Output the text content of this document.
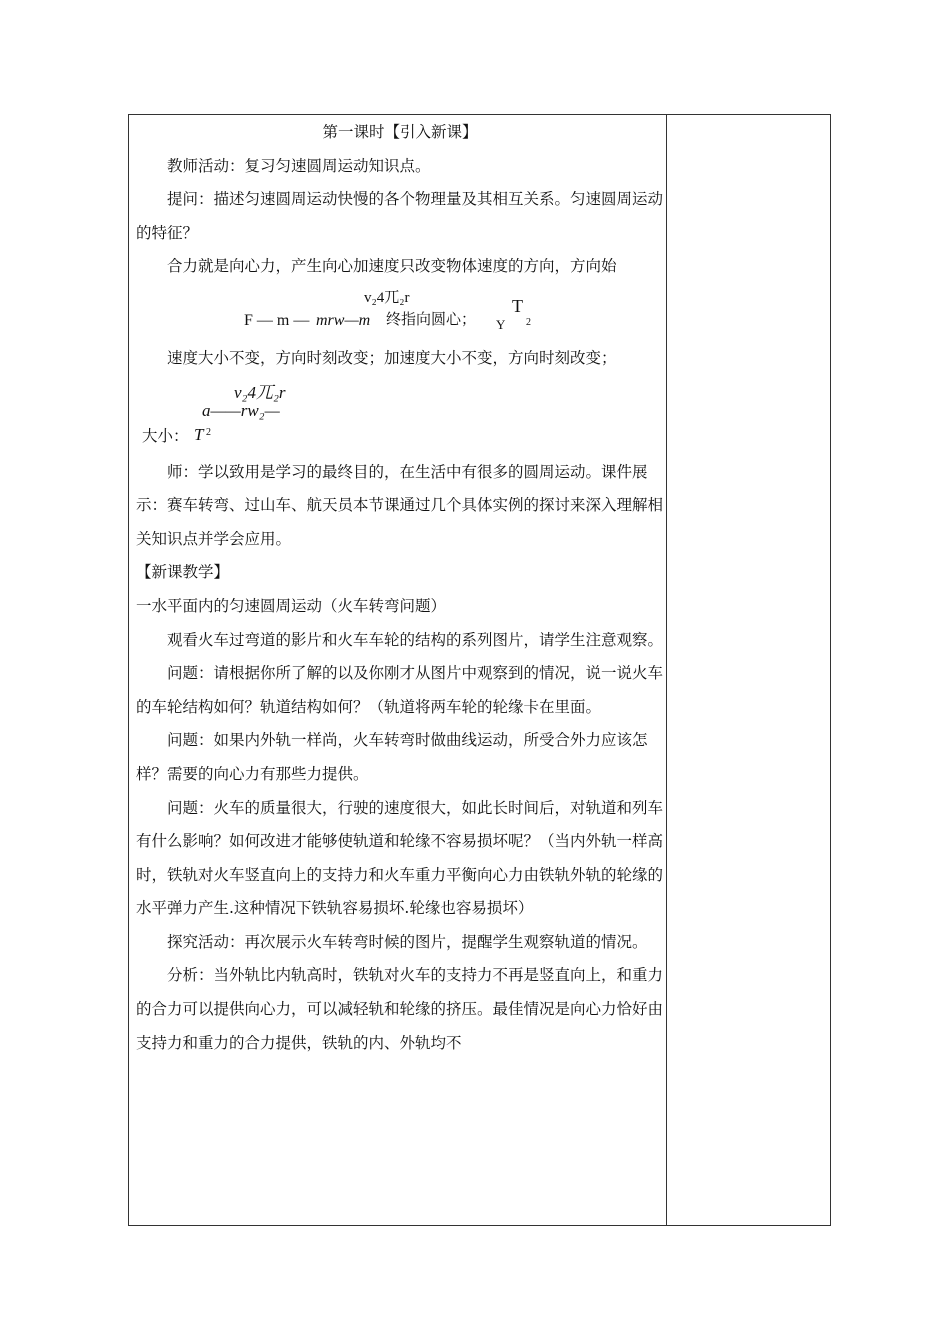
第一课时【引入新课】

教师活动：复习匀速圆周运动知识点。

提问：描述匀速圆周运动快慢的各个物理量及其相互关系。匀速圆周运动的特征？

合力就是向心力，产生向心加速度只改变物体速度的方向，方向始

v₂4兀₂r
F — m — mrw—m 终指向圆心； Y
T
2

速度大小不变，方向时刻改变；加速度大小不变，方向时刻改变；

v₂4兀₂r
a——rw₂—
大小： T 2

师：学以致用是学习的最终目的，在生活中有很多的圆周运动。课件展示：赛车转弯、过山车、航天员本节课通过几个具体实例的探讨来深入理解相关知识点并学会应用。

【新课教学】

一水平面内的匀速圆周运动（火车转弯问题）

观看火车过弯道的影片和火车车轮的结构的系列图片，请学生注意观察。

问题：请根据你所了解的以及你刚才从图片中观察到的情况，说一说火车的车轮结构如何？轨道结构如何？（轨道将两车轮的轮缘卡在里面。

问题：如果内外轨一样尚，火车转弯时做曲线运动，所受合外力应该怎样？需要的向心力有那些力提供。

问题：火车的质量很大，行驶的速度很大，如此长时间后，对轨道和列车有什么影响？如何改进才能够使轨道和轮缘不容易损坏呢？（当内外轨一样高时，铁轨对火车竖直向上的支持力和火车重力平衡向心力由铁轨外轨的轮缘的水平弹力产生.这种情况下铁轨容易损坏.轮缘也容易损坏）

探究活动：再次展示火车转弯时候的图片，提醒学生观察轨道的情况。

分析：当外轨比内轨高时，铁轨对火车的支持力不再是竖直向上，和重力的合力可以提供向心力，可以减轻轨和轮缘的挤压。最佳情况是向心力恰好由支持力和重力的合力提供，铁轨的内、外轨均不
